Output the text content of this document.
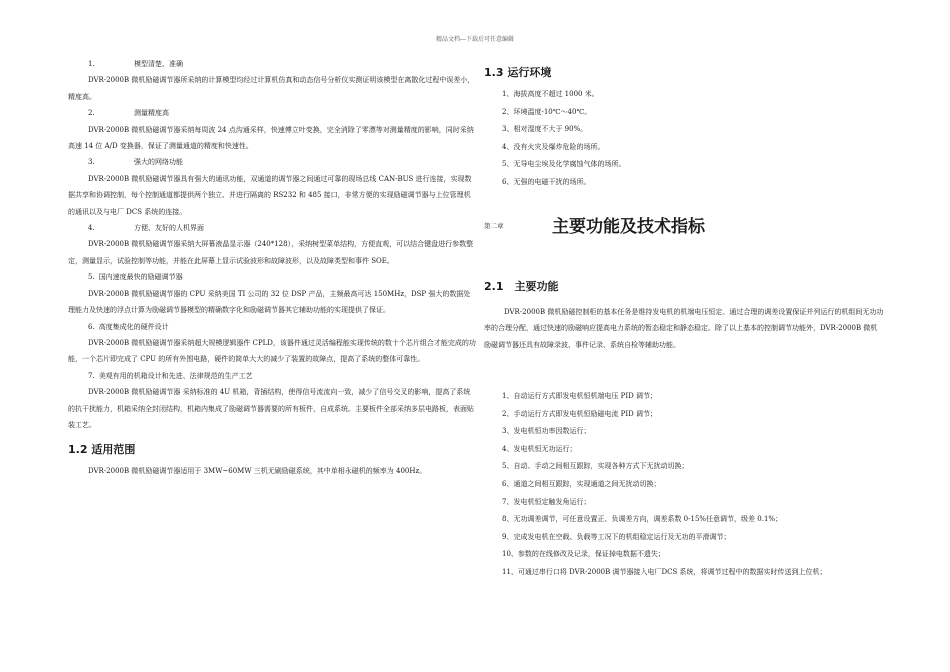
精品文档---下载后可任意编辑

1.	模型清楚、准确

DVR-2000B 微机励磁调节器所采纳的计算模型均经过计算机仿真和动态信号分析仪实测证明该模型在离散化过程中误差小，精度高。

2.	测量精度高

DVR-2000B 微机励磁调节器采纳每周波 24 点沟通采样，快速傅立叶变换，完全消除了零漂等对测量精度的影响，同时采纳高速 14 位 A/D 变换器，保证了测量通道的精度和快速性。

3.	强大的网络功能

DVR-2000B 微机励磁调节器具有强大的通讯功能，双通道的调节器之间通过可靠的现场总线 CAN-BUS 进行连接，实现数据共享和协调控制，每个控制通道都提供两个独立、并进行隔离的 RS232 和 485 接口，非常方便的实现励磁调节器与上位管理机的通讯以及与电厂 DCS 系统的连接。

4.	方便、友好的人机界面

DVR-2000B 微机励磁调节器采纳大屏幕液晶显示器（240*128），采纳树型菜单结构，方便直观，可以结合键盘进行参数整定，测量显示，试验控制等功能，并能在此屏幕上显示试验波形和故障波形，以及故障类型和事件 SOE。

5. 国内速度最快的励磁调节器

DVR-2000B 微机励磁调节器的 CPU 采纳美国 TI 公司的 32 位 DSP 产品，主频最高可达 150MHz，DSP 强大的数据处理能力及快速的浮点计算为励磁调节器模型的精确数字化和励磁调节器其它辅助功能的实现提供了保证。

6. 高度集成化的硬件设计

DVR-2000B 微机励磁调节器采纳超大规模逻辑器件 CPLD，该器件通过灵活编程能实现传统的数十个芯片组合才能完成的功能，一个芯片即完成了 CPU 的所有外围电路，硬件的简单大大的减少了装置的故障点，提高了系统的整体可靠性。

7. 美观有用的机箱设计和先进、法律规范的生产工艺

DVR-2000B 微机励磁调节器 采纳标准的 4U 机箱，背插结构，使得信号流流向一致，减少了信号交叉的影响，提高了系统的抗干扰能力，机箱采纳全封闭结构，机箱内集成了励磁调节器需要的所有板件，自成系统。主要板件全部采纳多层电路板，表面贴装工艺。

1.2 适用范围

DVR-2000B 微机励磁调节器适用于 3MW~60MW 三机无刷励磁系统，其中单相永磁机的频率为 400Hz。

1.3 运行环境
1、海拔高度不超过 1000 米。
2、环境温度-10℃～40℃。
3、相对湿度不大于 90%。
4、没有火灾及爆炸危险的场所。
5、无导电尘埃及化学腐蚀气体的场所。
6、无强的电磁干扰的场所。
第二章	主要功能及技术指标
2.1　主要功能

DVR-2000B 微机励磁控制柜的基本任务是维持发电机的机端电压恒定、通过合理的调差设置保证并列运行的机组间无功功率的合理分配，通过快速的励磁响应提高电力系统的暂态稳定和静态稳定。除了以上基本的控制调节功能外，DVR-2000B 微机励磁调节器还具有故障录波、事件记录、系统自检等辅助功能。

1、自动运行方式即发电机恒机端电压 PID 调节；
2、手动运行方式即发电机恒励磁电流 PID 调节；
3、发电机恒功率因数运行；
4、发电机恒无功运行；
5、自动、手动之间相互跟踪，实现各种方式下无扰动切换；
6、通道之间相互跟踪，实现通道之间无扰动切换；
7、发电机恒定触发角运行；
8、无功调差调节，可任意设置正、负调差方向，调差系数 0-15%任意调节，级差 0.1%；
9、完成发电机在空载、负载等工况下的机组稳定运行及无功的平滑调节；
10、参数的在线修改及记录，保证掉电数据不遗失；
11、可通过串行口将 DVR-2000B 调节器接入电厂DCS 系统，将调节过程中的数据实时传送到上位机；
